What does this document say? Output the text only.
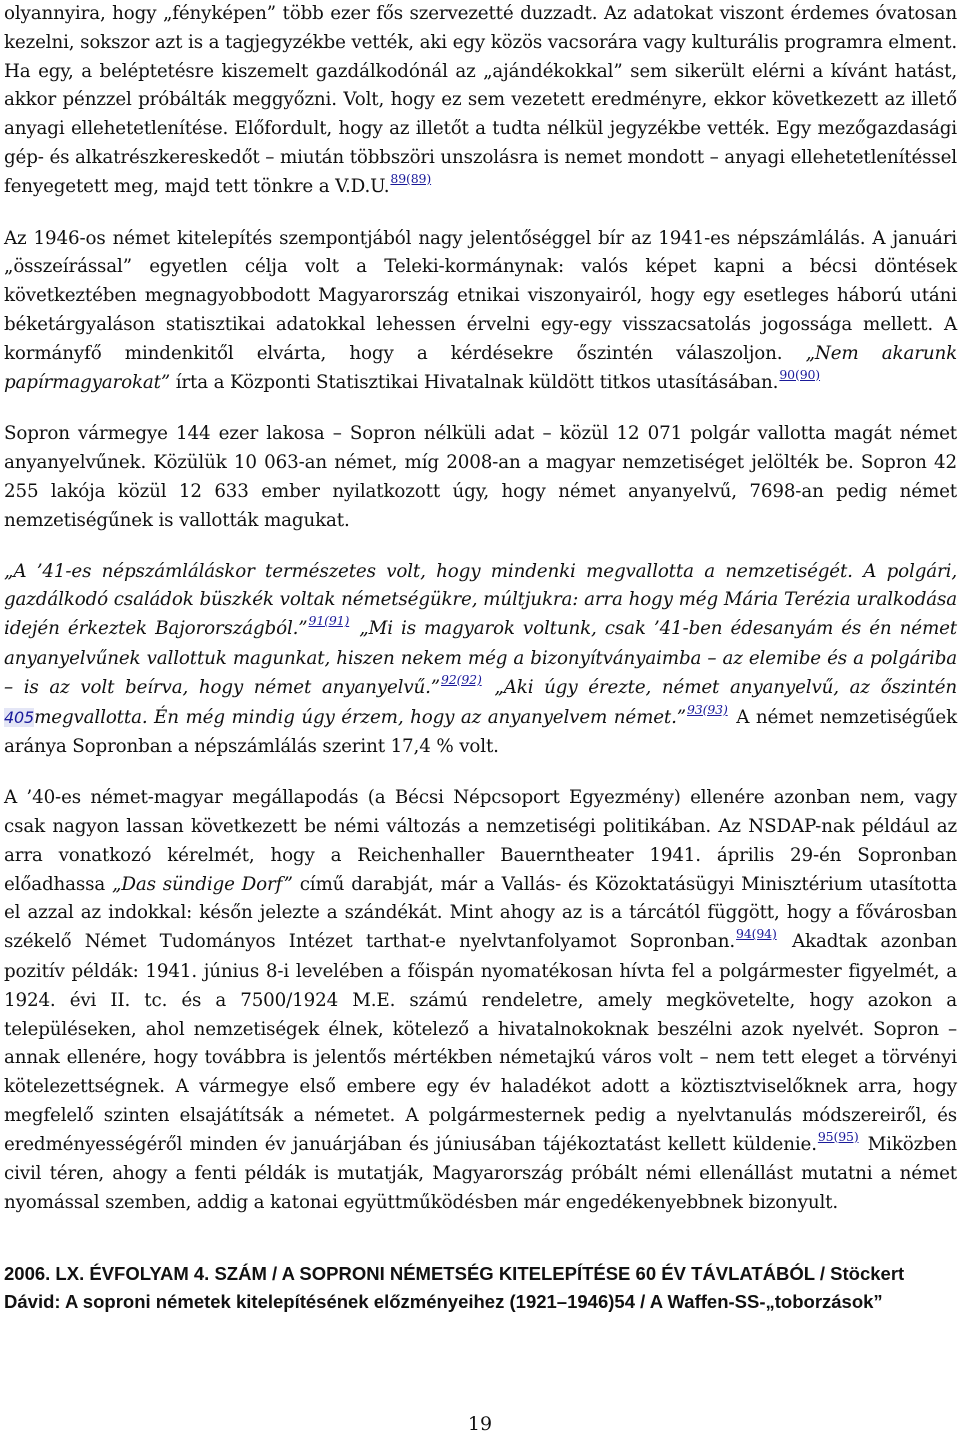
olyannyira, hogy „fényképen” több ezer fős szervezetté duzzadt. Az adatokat viszont érdemes óvatosan kezelni, sokszor azt is a tagjegyzékbe vették, aki egy közös vacsorára vagy kulturális programra elment. Ha egy, a beléptetésre kiszemelt gazdálkodónál az „ajándékokkal” sem sikerült elérni a kívánt hatást, akkor pénzzel próbálták meggyőzni. Volt, hogy ez sem vezetett eredményre, ekkor következett az illető anyagi ellehetetlenítése. Előfordult, hogy az illetőt a tudta nélkül jegyzékbe vették. Egy mezőgazdasági gép- és alkatrészkereskedőt – miután többszöri unszolásra is nemet mondott – anyagi ellehetetlenítéssel fenyegetett meg, majd tett tönkre a V.D.U.$^{89(89)}$

Az 1946-os német kitelepítés szempontjából nagy jelentőséggel bír az 1941-es népszámlálás. A januári „összeírással” egyetlen célja volt a Teleki-kormánynak: valós képet kapni a bécsi döntések következtében megnagyobbodott Magyarország etnikai viszonyairól, hogy egy esetleges háború utáni béketárgyaláson statisztikai adatokkal lehessen érvelni egy-egy visszacsatolás jogossága mellett. A kormányfő mindenkitől elvárta, hogy a kérdésekre őszintén válaszoljon. „Nem akarunk papírmagyarokat” írta a Központi Statisztikai Hivatalnak küldött titkos utasításában.$^{90(90)}$

Sopron vármegye 144 ezer lakosa – Sopron nélküli adat – közül 12 071 polgár vallotta magát német anyanyelvűnek. Közülük 10 063-an német, míg 2008-an a magyar nemzetiséget jelölték be. Sopron 42 255 lakója közül 12 633 ember nyilatkozott úgy, hogy német anyanyelvű, 7698-an pedig német nemzetiségűnek is vallották magukat.

„A ’41-es népszámláláskor természetes volt, hogy mindenki megvallotta a nemzetiségét. A polgári, gazdálkodó családok büszkék voltak németségükre, múltjukra: arra hogy még Mária Terézia uralkodása idején érkeztek Bajorországból.”$^{91(91)}$ „Mi is magyarok voltunk, csak ’41-ben édesanyám és én német anyanyelvűnek vallottuk magunkat, hiszen nekem még a bizonyítványaimba – az elemibe és a polgáriba – is az volt beírva, hogy német anyanyelvű.”$^{92(92)}$ „Aki úgy érezte, német anyanyelvű, az őszintén 405megvallotta. Én még mindig úgy érzem, hogy az anyanyelvem német.”$^{93(93)}$ A német nemzetiségűek aránya Sopronban a népszámlálás szerint 17,4 % volt.

A ’40-es német-magyar megállapodás (a Bécsi Népcsoport Egyezmény) ellenére azonban nem, vagy csak nagyon lassan következett be némi változás a nemzetiségi politikában. Az NSDAP-nak például az arra vonatkozó kérelmét, hogy a Reichenhaller Bauerntheater 1941. április 29-én Sopronban előadhassa „Das sündige Dorf” című darabját, már a Vallás- és Közoktatásügyi Minisztérium utasította el azzal az indokkal: későn jelezte a szándékát. Mint ahogy az is a tárcától függött, hogy a fővárosban székelő Német Tudományos Intézet tarthat-e nyelvtanfolyamot Sopronban.$^{94(94)}$ Akadtak azonban pozitív példák: 1941. június 8-i levelében a főispán nyomatékosan hívta fel a polgármester figyelmét, a 1924. évi II. tc. és a 7500/1924 M.E. számú rendeletre, amely megkövetelte, hogy azokon a településeken, ahol nemzetiségek élnek, kötelező a hivatalnokoknak beszélni azok nyelvét. Sopron – annak ellenére, hogy továbbra is jelentős mértékben németajkú város volt – nem tett eleget a törvényi kötelezettségnek. A vármegye első embere egy év haladékot adott a köztisztviselőknek arra, hogy megfelelő szinten elsajátítsák a németet. A polgármesternek pedig a nyelvtanulás módszereiről, és eredményességéről minden év januárjában és júniusában tájékoztatást kellett küldenie.$^{95(95)}$ Miközben civil téren, ahogy a fenti példák is mutatják, Magyarország próbált némi ellenállást mutatni a német nyomással szemben, addig a katonai együttműködésben már engedékenyebbnek bizonyult.

2006. LX. ÉVFOLYAM 4. SZÁM / A SOPRONI NÉMETSÉG KITELEPÍTÉSE 60 ÉV TÁVLATÁBÓL / Stöckert Dávid: A soproni németek kitelepítésének előzményeihez (1921–1946)54 / A Waffen-SS-„toborzások”

19
